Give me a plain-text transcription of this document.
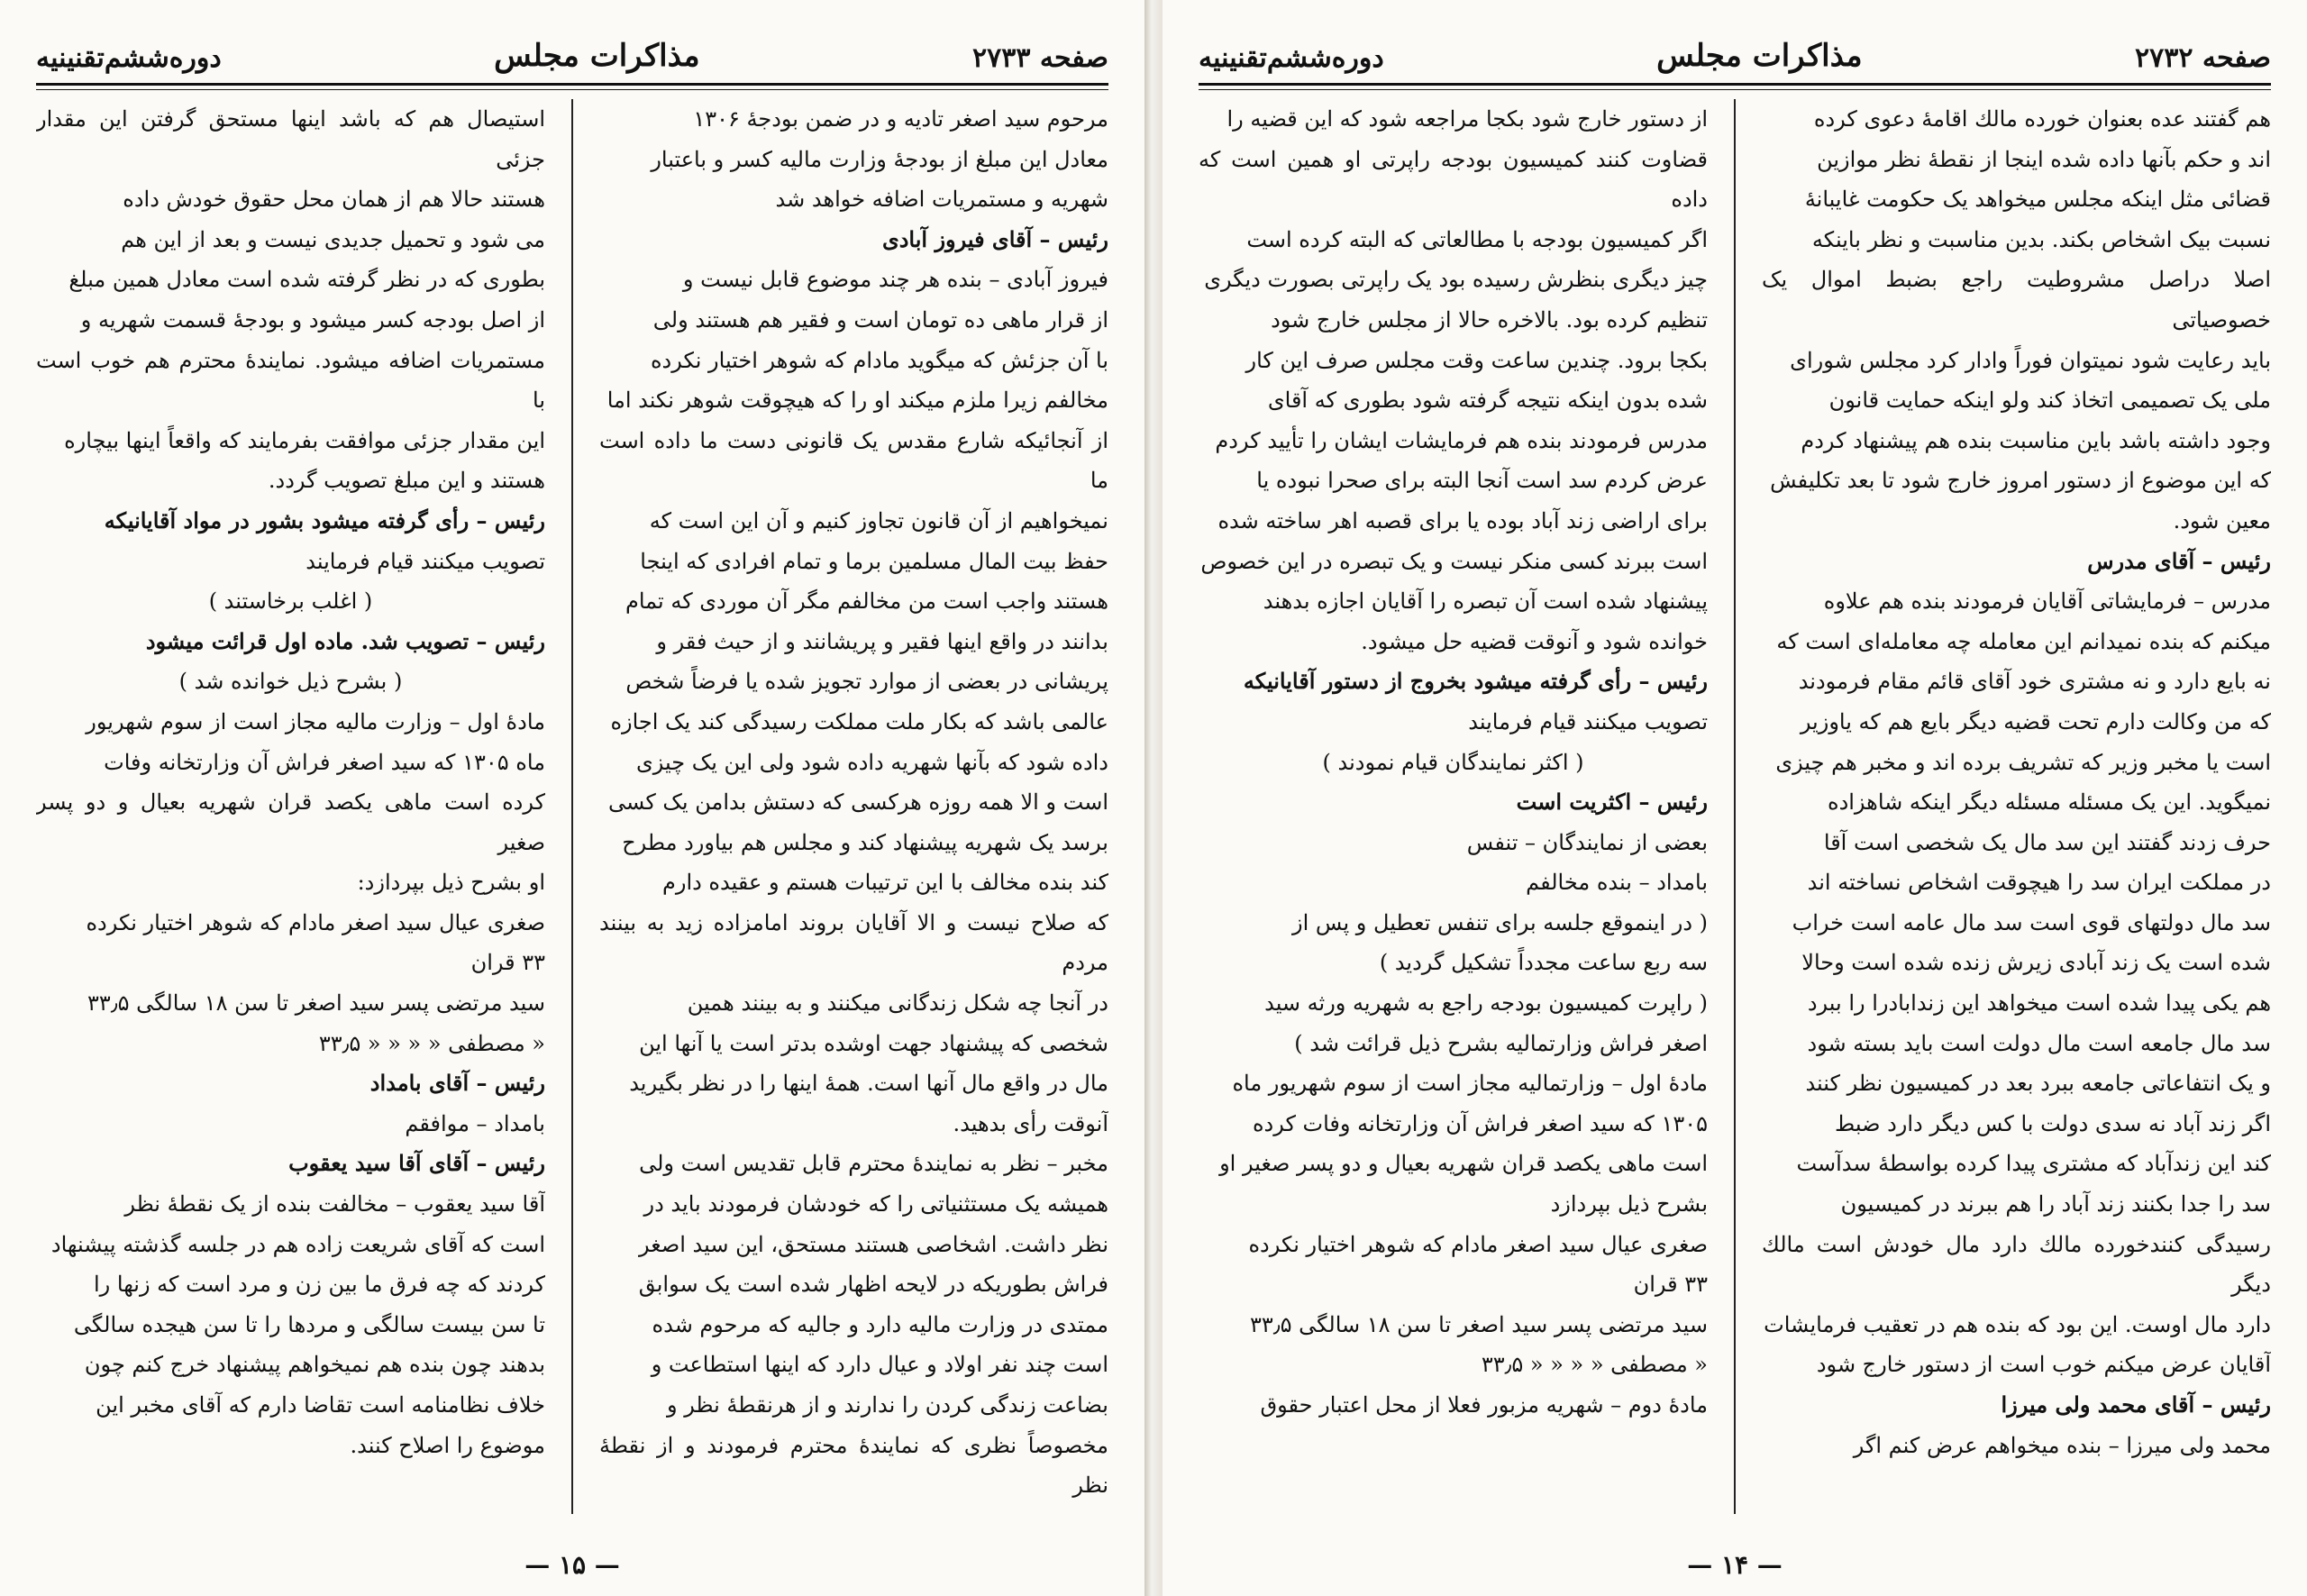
دوره‌ششم‌تقنینیه	مذاکرات مجلس	صفحه ۲۷۳۳

مرحوم سید اصغر تادیه و در ضمن بودجهٔ ۱۳۰۶

معادل این مبلغ از بودجهٔ وزارت مالیه کسر و باعتبار

شهریه و مستمریات اضافه خواهد شد

رئیس – آقای فیروز آبادی

فیروز آبادی – بنده هر چند موضوع قابل نیست و

از قرار ماهی ده تومان است و فقیر هم هستند ولی

با آن جزئش که میگوید مادام که شوهر اختیار نکرده

مخالفم زیرا ملزم میکند او را که هیچوقت شوهر نکند اما

از آنجائیکه شارع مقدس یک قانونی دست ما داده است ما

نمیخواهیم از آن قانون تجاوز کنیم و آن این است که

حفظ بیت المال مسلمین برما و تمام افرادی که اینجا

هستند واجب است من مخالفم مگر آن موردی که تمام

بدانند در واقع اینها فقیر و پریشانند و از حیث فقر و

پریشانی در بعضی از موارد تجویز شده یا فرضاً شخص

عالمی باشد که بکار ملت مملکت رسیدگی کند یک اجازه

داده شود که بآنها شهریه داده شود ولی این یک چیزی

است و الا همه روزه هرکسی که دستش بدامن یک کسی

برسد یک شهریه پیشنهاد کند و مجلس هم بیاورد مطرح

کند بنده مخالف با این ترتیبات هستم و عقیده دارم

که صلاح نیست و الا آقایان بروند امامزاده زید به بینند مردم

در آنجا چه شکل زندگانی میکنند و به بینند همین

شخصی که پیشنهاد جهت اوشده بدتر است یا آنها این

مال در واقع مال آنها است. همهٔ اینها را در نظر بگیرید

آنوقت رأی بدهید.

مخبر – نظر به نمایندهٔ محترم قابل تقدیس است ولی

همیشه یک مستثنیاتی را که خودشان فرمودند باید در

نظر داشت. اشخاصی هستند مستحق، این سید اصغر

فراش بطوریکه در لایحه اظهار شده است یک سوابق

ممتدی در وزارت مالیه دارد و جالیه که مرحوم شده

است چند نفر اولاد و عیال دارد که اینها استطاعت و

بضاعت زندگی کردن را ندارند و از هرنقطهٔ نظر و

مخصوصاً نظری که نمایندهٔ محترم فرمودند و از نقطهٔ نظر

استیصال هم که باشد اینها مستحق گرفتن این مقدار جزئی

هستند حالا هم از همان محل حقوق خودش داده

می شود و تحمیل جدیدی نیست و بعد از این هم

بطوری که در نظر گرفته شده است معادل همین مبلغ

از اصل بودجه کسر میشود و بودجهٔ قسمت شهریه و

مستمریات اضافه میشود. نمایندهٔ محترم هم خوب است با

این مقدار جزئی موافقت بفرمایند که واقعاً اینها بیچاره

هستند و این مبلغ تصویب گردد.

رئیس – رأی گرفته میشود بشور در مواد آقایانیکه

تصویب میکنند قیام فرمایند

( اغلب برخاستند )

رئیس – تصویب شد. ماده اول قرائت میشود

( بشرح ذیل خوانده شد )

مادهٔ اول – وزارت مالیه مجاز است از سوم شهریور

ماه ۱۳۰۵ که سید اصغر فراش آن وزارتخانه وفات

کرده است ماهی یکصد قران شهریه بعیال و دو پسر صغیر

او بشرح ذیل بپردازد:

صغری عیال سید اصغر مادام که شوهر اختیار نکرده

۳۳ قران

سید مرتضی پسر سید اصغر تا سن ۱۸ سالگی ۳۳٫۵

« مصطفی « « « « ۳۳٫۵

رئیس – آقای بامداد

بامداد – موافقم

رئیس – آقای آقا سید یعقوب

آقا سید یعقوب – مخالفت بنده از یک نقطهٔ نظر

است که آقای شریعت زاده هم در جلسه گذشته پیشنهاد

کردند که چه فرق ما بین زن و مرد است که زنها را

تا سن بیست سالگی و مردها را تا سن هیجده سالگی

بدهند چون بنده هم نمیخواهم پیشنهاد خرج کنم چون

خلاف نظامنامه است تقاضا دارم که آقای مخبر این

موضوع را اصلاح کنند.

— ۱۵ —
دوره‌ششم‌تقنینیه	مذاکرات مجلس	صفحه ۲۷۳۲

هم گفتند عده‌ بعنوان خورده مالك اقامهٔ دعوی کرده

اند و حکم بآنها داده شده اینجا از نقطهٔ نظر موازین

قضائی مثل اینکه مجلس میخواهد یک حکومت غایبانهٔ

نسبت بیک اشخاص بکند. بدین مناسبت و نظر باینکه

اصلا دراصل مشروطیت راجع بضبط اموال یک خصوصیاتی

باید رعایت شود نمیتوان فوراً وادار کرد مجلس شورای

ملی یک تصمیمی اتخاذ کند ولو اینکه حمایت قانون

وجود داشته باشد باین مناسبت بنده هم پیشنهاد کردم

که این موضوع از دستور امروز خارج شود تا بعد تکلیفش

معین شود.

رئیس – آقای مدرس

مدرس – فرمایشاتی آقایان فرمودند بنده هم علاوه

میکنم که بنده نمیدانم این معامله چه معامله‌ای است که

نه بایع دارد و نه مشتری خود آقای قائم مقام فرمودند

که من وکالت دارم تحت قضیه دیگر بایع هم که یاوزیر

است یا مخبر وزیر که تشریف برده اند و مخبر هم چیزی

نمیگوید. این یک مسئله مسئله دیگر اینکه شاهزاده

حرف زدند گفتند این سد مال یک شخصی است آقا

در مملکت ایران سد را هیچوقت اشخاص نساخته اند

سد مال دولتهای قوی است سد مال عامه است خراب

شده است یک زند آبادی زیرش زنده شده است وحالا

هم یکی پیدا شده است میخواهد این زندابادرا را ببرد

سد مال جامعه است مال دولت است باید بسته شود

و یک انتفاعاتی جامعه ببرد بعد در کمیسیون نظر کنند

اگر زند آباد نه سدی دولت با کس دیگر دارد ضبط

کند این زندآباد که مشتری پیدا کرده بواسطهٔ سدآست

سد را جدا بکنند زند آباد را هم ببرند در کمیسیون

رسیدگی کنندخورده مالك دارد مال خودش است مالك دیگر

دارد مال اوست. این بود که بنده هم در تعقیب فرمایشات

آقایان عرض میکنم خوب است از دستور خارج شود

رئیس – آقای محمد ولی میرزا

محمد ولی میرزا – بنده میخواهم عرض کنم اگر

از دستور خارج شود بکجا مراجعه شود که این قضیه را

قضاوت کنند کمیسیون بودجه راپرتی او همین است که داده

اگر کمیسیون بودجه با مطالعاتی که البته کرده است

چیز دیگری بنظرش رسیده بود یک راپرتی بصورت دیگری

تنظیم کرده بود. بالاخره حالا از مجلس خارج شود

بکجا برود. چندین ساعت وقت مجلس صرف این کار

شده بدون اینکه نتیجه گرفته شود بطوری که آقای

مدرس فرمودند بنده هم فرمایشات ایشان را تأیید کردم

عرض کردم سد است آنجا البته برای صحرا نبوده یا

برای اراضی زند آباد بوده یا برای قصبه اهر ساخته شده

است ببرند کسی منکر نیست و یک تبصره در این خصوص

پیشنهاد شده است آن تبصره را آقایان اجازه بدهند

خوانده شود و آنوقت قضیه حل میشود.

رئیس – رأی گرفته میشود بخروج از دستور آقایانیکه

تصویب میکنند قیام فرمایند

( اکثر نمایندگان قیام نمودند )

رئیس – اکثریت است

بعضی از نمایندگان – تنفس

بامداد – بنده مخالفم

( در اینموقع جلسه برای تنفس تعطیل و پس از

سه ربع ساعت مجدداً تشکیل گردید )

( راپرت کمیسیون بودجه راجع به شهریه ورثه سید

اصغر فراش وزارتمالیه بشرح ذیل قرائت شد )

مادهٔ اول – وزارتمالیه مجاز است از سوم شهریور ماه

۱۳۰۵ که سید اصغر فراش آن وزارتخانه وفات کرده

است ماهی یکصد قران شهریه بعیال و دو پسر صغیر او

بشرح ذیل بپردازد

صغری عیال سید اصغر مادام که شوهر اختیار نکرده

۳۳ قران

سید مرتضی پسر سید اصغر تا سن ۱۸ سالگی ۳۳٫۵

« مصطفی « « « « ۳۳٫۵

مادهٔ دوم – شهریه مزبور فعلا از محل اعتبار حقوق

— ۱۴ —
